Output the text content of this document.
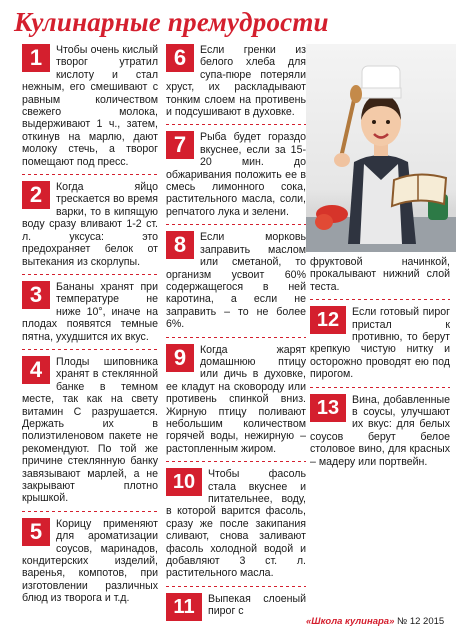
Кулинарные премудрости
1	Чтобы очень кислый творог утратил кислоту и стал нежным, его смешивают с равным количеством свежего молока, выдерживают 1 ч., затем, откинув на марлю, дают молоку стечь, а творог помещают под пресс.

2	Когда яйцо трескается во время варки, то в кипящую воду сразу вливают 1-2 ст. л. уксуса: это предохраняет белок от вытекания из скорлупы.

3	Бананы хранят при температуре не ниже 10°, иначе на плодах появятся темные пятна, ухудшится их вкус.

4	Плоды шиповника хранят в стеклянной банке в темном месте, так как на свету витамин С разрушается. Держать их в полиэтиленовом пакете не рекомендуют. По той же причине стеклянную банку завязывают марлей, а не закрывают плотно крышкой.

5	Корицу применяют для ароматизации соусов, маринадов, кондитерских изделий, варенья, компотов, при изготовлении различных блюд из творога и т.д.

6	Если гренки из белого хлеба для супа-пюре потеряли хруст, их раскладывают тонким слоем на противень и подсушивают в духовке.

7	Рыба будет гораздо вкуснее, если за 15-20 мин. до обжаривания положить ее в смесь лимонного сока, растительного масла, соли, репчатого лука и зелени.

8	Если морковь заправить маслом или сметаной, то организм усвоит 60% содержащегося в ней каротина, а если не заправить – то не более 6%.

9	Когда жарят домашнюю птицу или дичь в духовке, ее кладут на сковороду или противень спинкой вниз. Жирную птицу поливают небольшим количеством горячей воды, нежирную – растопленным жиром.

10	Чтобы фасоль стала вкуснее и питательнее, воду, в которой варится фасоль, сразу же после закипания сливают, снова заливают фасоль холодной водой и добавляют 3 ст. л. растительного масла.

11	Выпекая слоеный пирог с

фруктовой начинкой, прокалывают нижний слой теста.

12	Если готовый пирог пристал к противню, то берут крепкую чистую нитку и осторожно проводят ею под пирогом.

13	Вина, добавленные в соусы, улучшают их вкус: для белых соусов берут белое столовое вино, для красных – мадеру или портвейн.

«Школа кулинара» № 12 2015
